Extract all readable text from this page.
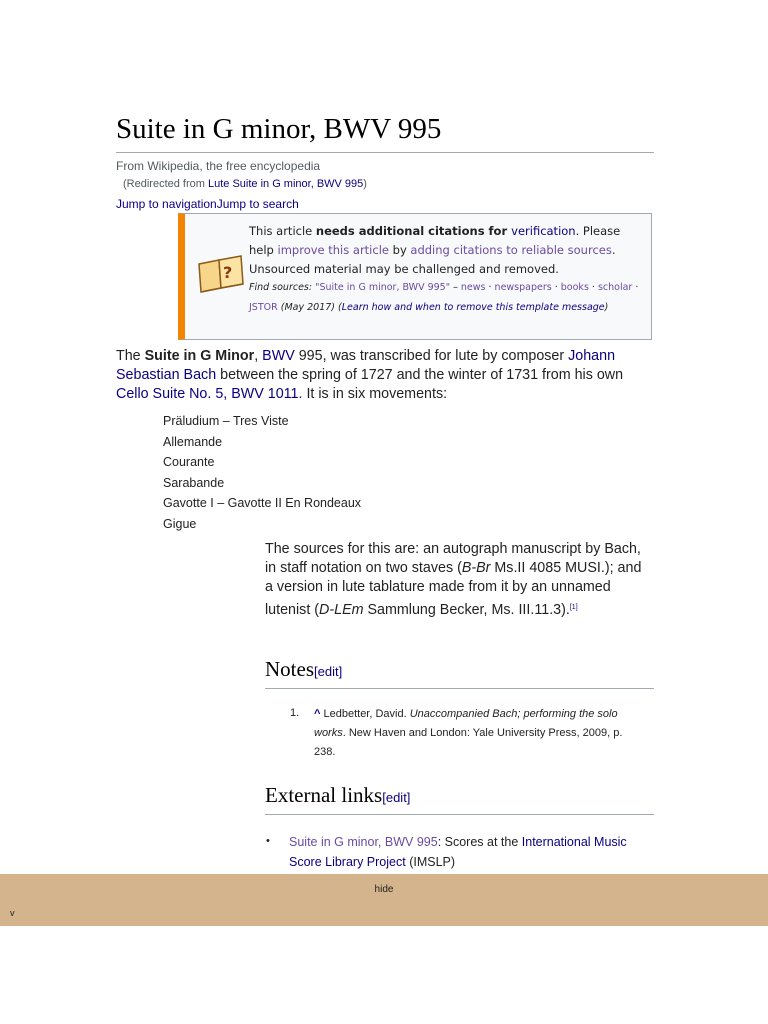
Suite in G minor, BWV 995
From Wikipedia, the free encyclopedia
(Redirected from Lute Suite in G minor, BWV 995)
Jump to navigationJump to search
?
This article needs additional citations for verification. Please
help improve this article by adding citations to reliable sources.
Unsourced material may be challenged and removed.
Find sources: "Suite in G minor, BWV 995" – news · newspapers · books · scholar · JSTOR (May 2017) (Learn how and when to remove this template message)

The Suite in G Minor, BWV 995, was transcribed for lute by composer Johann Sebastian Bach between the spring of 1727 and the winter of 1731 from his own Cello Suite No. 5, BWV 1011. It is in six movements:

Präludium – Tres Viste
Allemande
Courante
Sarabande
Gavotte I – Gavotte II En Rondeaux
Gigue

The sources for this are: an autograph manuscript by Bach, in staff notation on two staves (B-Br Ms.II 4085 MUSI.); and a version in lute tablature made from it by an unnamed lutenist (D-LEm Sammlung Becker, Ms. III.11.3).[1]

Notes[edit]
1. ^ Ledbetter, David. Unaccompanied Bach; performing the solo works. New Haven and London: Yale University Press, 2009, p. 238.

External links[edit]
• Suite in G minor, BWV 995: Scores at the International Music Score Library Project (IMSLP)

hide
v
